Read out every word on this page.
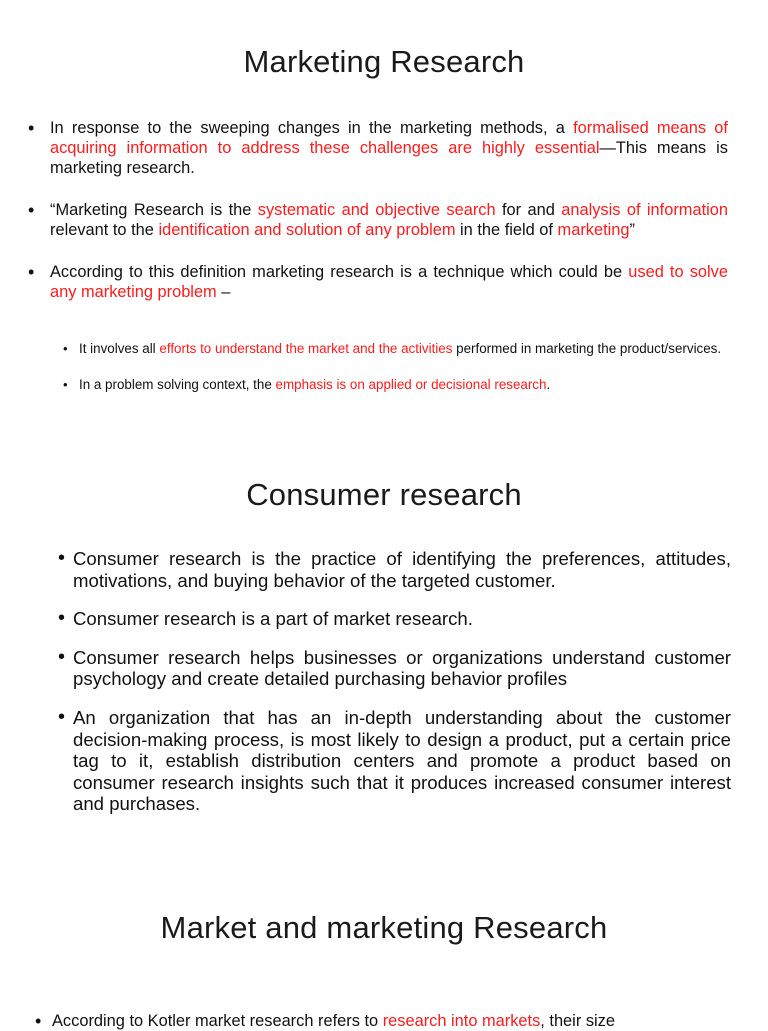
Marketing Research
• In response to the sweeping changes in the marketing methods, a formalised means of acquiring information to address these challenges are highly essential—This means is marketing research.
• “Marketing Research is the systematic and objective search for and analysis of information relevant to the identification and solution of any problem in the field of marketing”
• According to this definition marketing research is a technique which could be used to solve any marketing problem –
• It involves all efforts to understand the market and the activities performed in marketing the product/services.
• In a problem solving context, the emphasis is on applied or decisional research.
Consumer research
• Consumer research is the practice of identifying the preferences, attitudes, motivations, and buying behavior of the targeted customer.
• Consumer research is a part of market research.
• Consumer research helps businesses or organizations understand customer psychology and create detailed purchasing behavior profiles
• An organization that has an in-depth understanding about the customer decision-making process, is most likely to design a product, put a certain price tag to it, establish distribution centers and promote a product based on consumer research insights such that it produces increased consumer interest and purchases.
Market and marketing Research
• According to Kotler market research refers to research into markets, their size
